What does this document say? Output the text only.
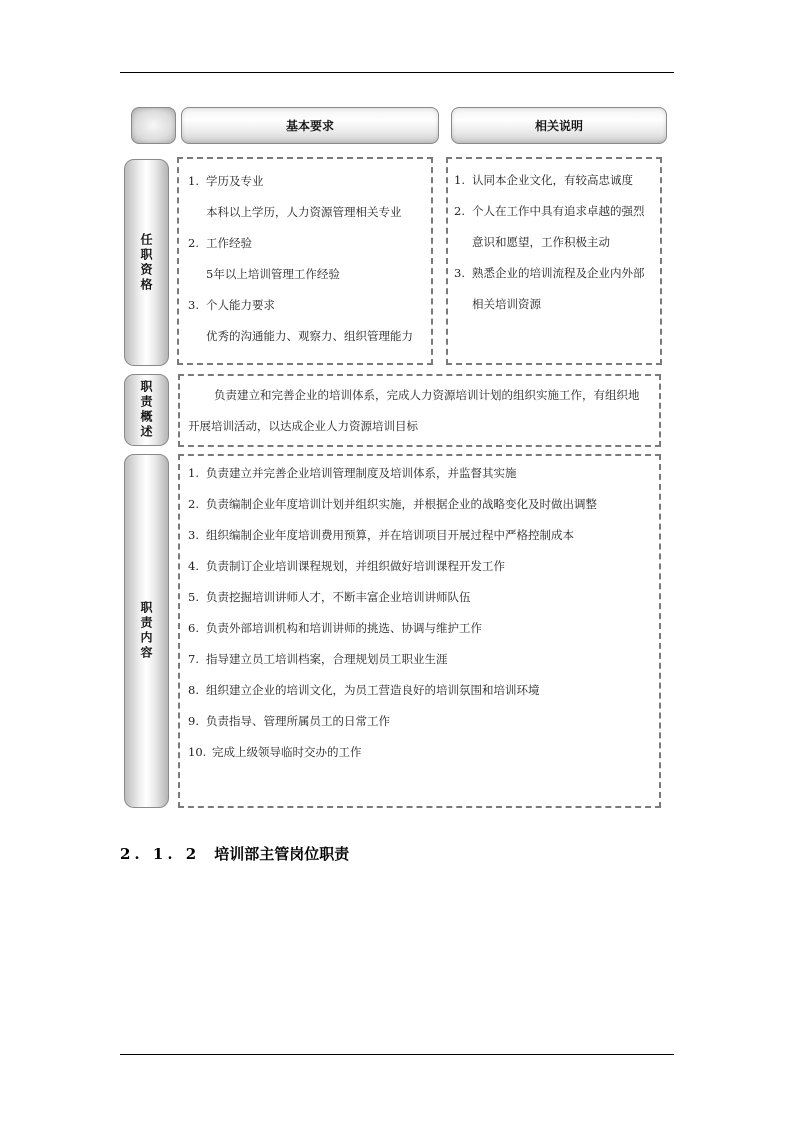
基本要求	相关说明
任职资格
1. 学历及专业
本科以上学历，人力资源管理相关专业
2. 工作经验
5年以上培训管理工作经验
3. 个人能力要求
优秀的沟通能力、观察力、组织管理能力
1. 认同本企业文化，有较高忠诚度
2. 个人在工作中具有追求卓越的强烈
意识和愿望，工作积极主动
3. 熟悉企业的培训流程及企业内外部
相关培训资源
职责概述	负责建立和完善企业的培训体系，完成人力资源培训计划的组织实施工作，有组织地
开展培训活动，以达成企业人力资源培训目标
职责内容
1. 负责建立并完善企业培训管理制度及培训体系，并监督其实施
2. 负责编制企业年度培训计划并组织实施，并根据企业的战略变化及时做出调整
3. 组织编制企业年度培训费用预算，并在培训项目开展过程中严格控制成本
4. 负责制订企业培训课程规划，并组织做好培训课程开发工作
5. 负责挖掘培训讲师人才，不断丰富企业培训讲师队伍
6. 负责外部培训机构和培训讲师的挑选、协调与维护工作
7. 指导建立员工培训档案，合理规划员工职业生涯
8. 组织建立企业的培训文化，为员工营造良好的培训氛围和培训环境
9. 负责指导、管理所属员工的日常工作
10. 完成上级领导临时交办的工作
2. 1. 2 培训部主管岗位职责
